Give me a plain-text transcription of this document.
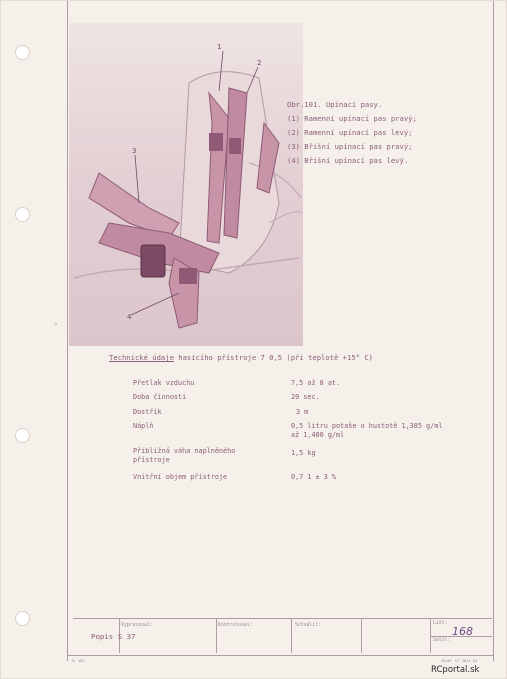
»
1
2
3
4
Obr.101. Upínací pasy.
(1) Ramenní upínací pas pravý;
(2) Ramenní upínací pas levý;
(3) Břišní upínací pas pravý;
(4) Břišní upínací pas levý.
Technické údaje hasicího přístroje 7 0,5 (při teplotě +15° C)
Přetlak vzduchu	7,5 až 8 at.
Doba činnosti	20 sec.
Dostřik	3 m
Náplň	0,5 litru potaše o hustotě 1,385 g/ml
až 1,400 g/ml
Přibližná váha naplněného
přístroje
1,5 kg
Vnitřní objem přístroje	0,7 1 ± 3 %
Vypracoval:	Kontroloval:	Schválil:	List:
Sešit:
Popis S 37	168
Tv 102	Závěr ST 2014 03
RCportal.sk
